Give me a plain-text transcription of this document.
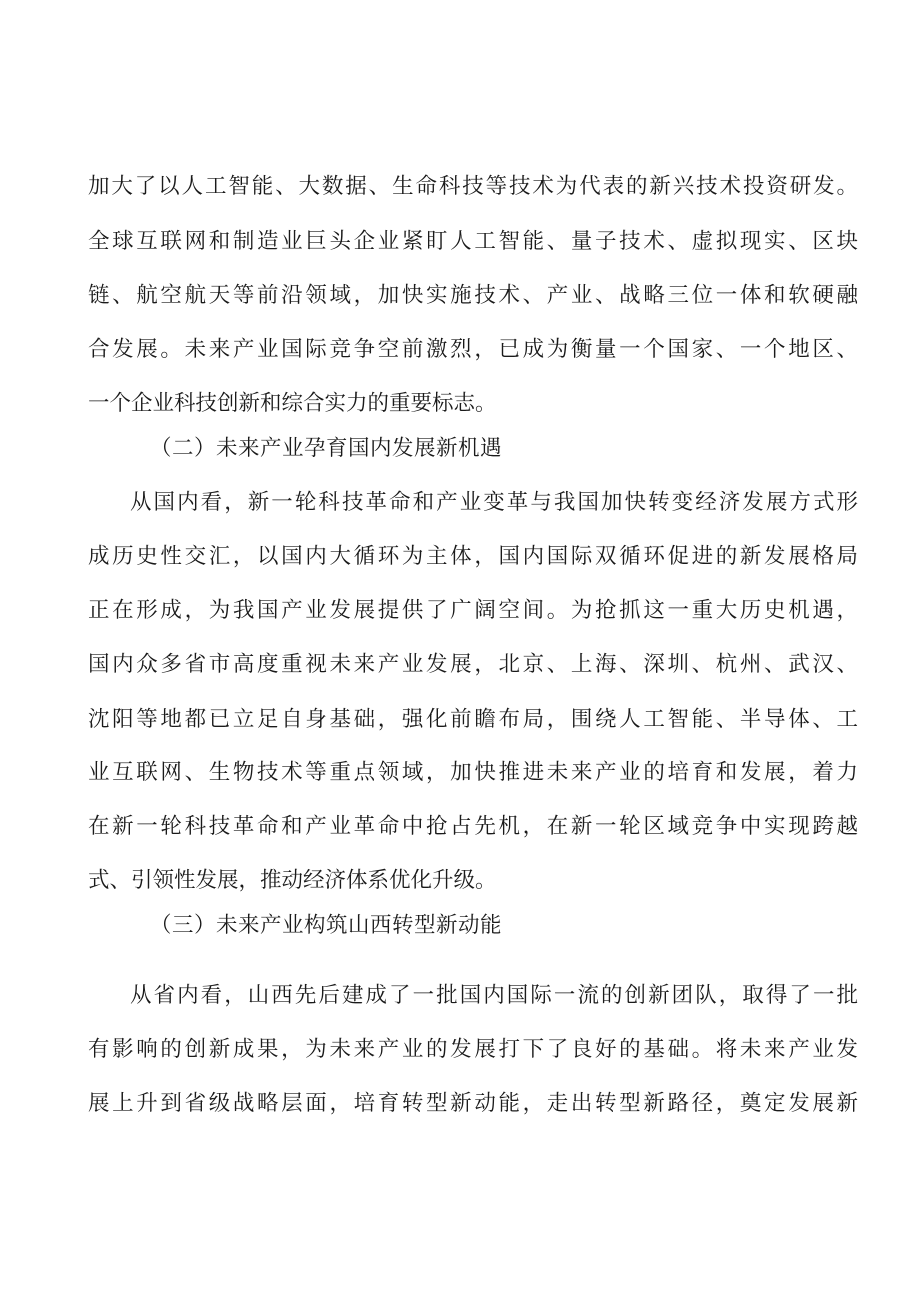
加大了以人工智能、大数据、生命科技等技术为代表的新兴技术投资研发。
全球互联网和制造业巨头企业紧盯人工智能、量子技术、虚拟现实、区块
链、航空航天等前沿领域，加快实施技术、产业、战略三位一体和软硬融
合发展。未来产业国际竞争空前激烈，已成为衡量一个国家、一个地区、
一个企业科技创新和综合实力的重要标志。
（二）未来产业孕育国内发展新机遇
从国内看，新一轮科技革命和产业变革与我国加快转变经济发展方式形
成历史性交汇，以国内大循环为主体，国内国际双循环促进的新发展格局
正在形成，为我国产业发展提供了广阔空间。为抢抓这一重大历史机遇，
国内众多省市高度重视未来产业发展，北京、上海、深圳、杭州、武汉、
沈阳等地都已立足自身基础，强化前瞻布局，围绕人工智能、半导体、工
业互联网、生物技术等重点领域，加快推进未来产业的培育和发展，着力
在新一轮科技革命和产业革命中抢占先机，在新一轮区域竞争中实现跨越
式、引领性发展，推动经济体系优化升级。
（三）未来产业构筑山西转型新动能
从省内看，山西先后建成了一批国内国际一流的创新团队，取得了一批
有影响的创新成果，为未来产业的发展打下了良好的基础。将未来产业发
展上升到省级战略层面，培育转型新动能，走出转型新路径，奠定发展新
